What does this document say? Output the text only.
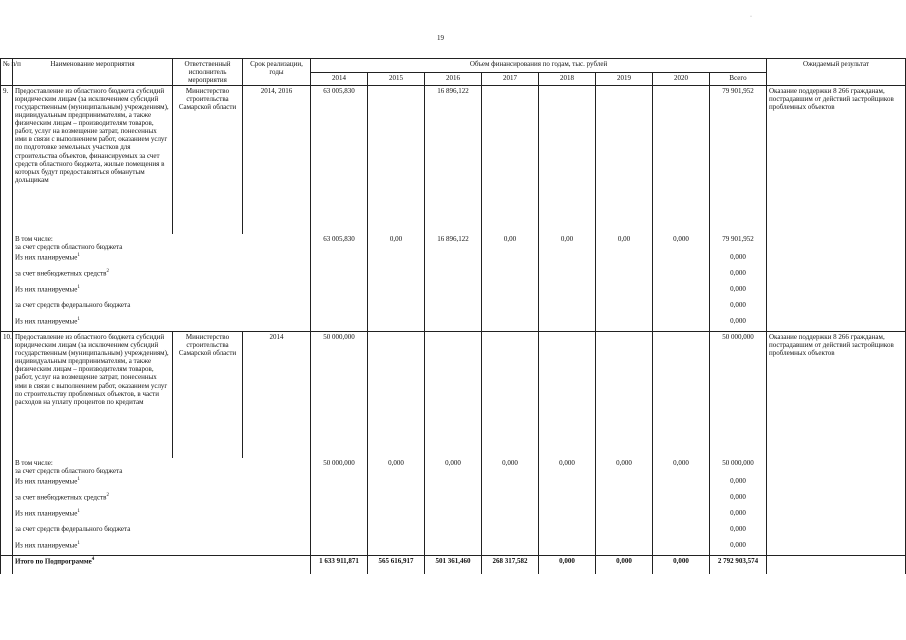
19
·
№ п/п	Наименование мероприятия	Ответственный исполнитель мероприятия	Срок реализации, годы	Объем финансирования по годам, тыс. рублей								Ожидаемый результат
				2014	2015	2016	2017	2018	2019	2020	Всего	
9.	Предоставление из областного бюджета субсидий юридическим лицам (за исключением субсидий государственным (муниципальным) учреждениям), индивидуальным предпринимателям, а также физическим лицам – производителям товаров, работ, услуг на возмещение затрат, понесенных ими в связи с выполнением работ, оказанием услуг по подготовке земельных участков для строительства объектов, финансируемых за счет средств областного бюджета, жилые помещения в которых будут предоставляться обманутым дольщикам	Министерство строительства Самарской области	2014, 2016	63 005,830		16 896,122					79 901,952	Оказание поддержки 8 266 гражданам, пострадавшим от действий застройщиков проблемных объектов
	В том числе:
за счет средств областного бюджета			63 005,830	0,00	16 896,122	0,00	0,00	0,00	0,000	79 901,952	
	Из них планируемые$^1$										0,000	
	за счет внебюджетных средств$^2$										0,000	
	Из них планируемые$^1$										0,000	
	за счет средств федерального бюджета										0,000	
	Из них планируемые$^1$										0,000	
10.	Предоставление из областного бюджета субсидий юридическим лицам (за исключением субсидий государственным (муниципальным) учреждениям), индивидуальным предпринимателям, а также физическим лицам – производителям товаров, работ, услуг на возмещение затрат, понесенных ими в связи с выполнением работ, оказанием услуг по строительству проблемных объектов, в части расходов на уплату процентов по кредитам	Министерство строительства Самарской области	2014	50 000,000							50 000,000	Оказание поддержки 8 266 гражданам, пострадавшим от действий застройщиков проблемных объектов
	В том числе:
за счет средств областного бюджета			50 000,000	0,000	0,000	0,000	0,000	0,000	0,000	50 000,000	
	Из них планируемые$^1$										0,000	
	за счет внебюджетных средств$^2$										0,000	
	Из них планируемые$^1$										0,000	
	за счет средств федерального бюджета										0,000	
	Из них планируемые$^1$										0,000	
	Итого по Подпрограмме$^4$			1 633 911,871	565 616,917	501 361,460	268 317,582	0,000	0,000	0,000	2 792 903,574	
